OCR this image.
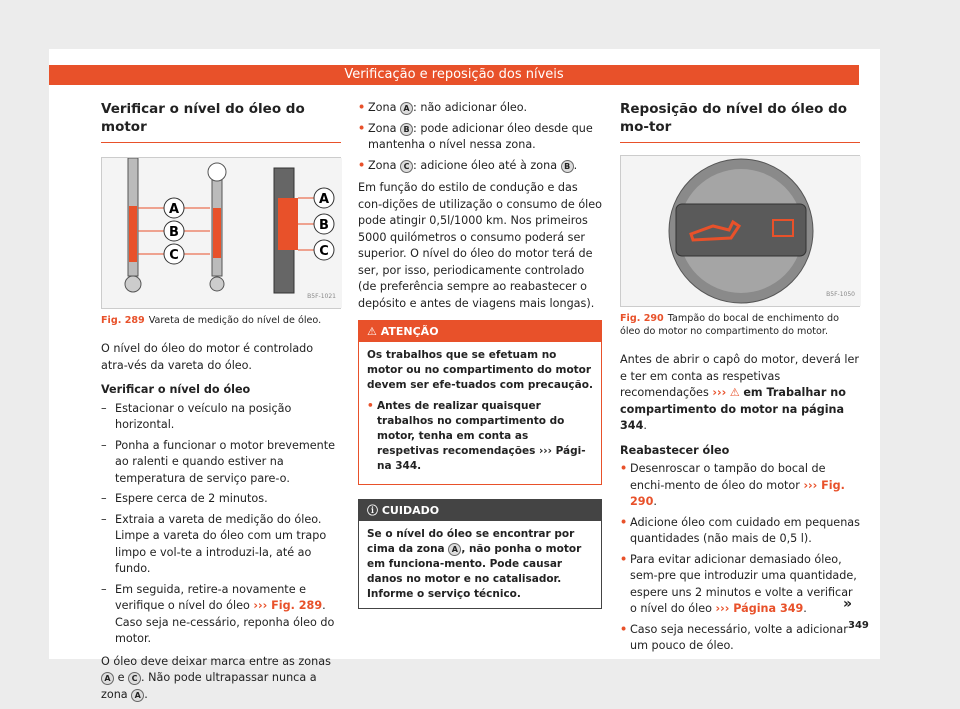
Verificação e reposição dos níveis
Verificar o nível do óleo do motor
A
B
C
A
B
C
B5F-1021
Fig. 289 Vareta de medição do nível de óleo.

O nível do óleo do motor é controlado atra-vés da vareta do óleo.

Verificar o nível do óleo
– Estacionar o veículo na posição horizontal.
– Ponha a funcionar o motor brevemente ao ralenti e quando estiver na temperatura de serviço pare-o.
– Espere cerca de 2 minutos.
– Extraia a vareta de medição do óleo. Limpe a vareta do óleo com um trapo limpo e vol-te a introduzi-la, até ao fundo.
– Em seguida, retire-a novamente e verifique o nível do óleo ››› Fig. 289. Caso seja ne-cessário, reponha óleo do motor.

O óleo deve deixar marca entre as zonas A e C . Não pode ultrapassar nunca a zona A .

• Zona A : não adicionar óleo.
• Zona B : pode adicionar óleo desde que mantenha o nível nessa zona.
• Zona C : adicione óleo até à zona B .

Em função do estilo de condução e das con-dições de utilização o consumo de óleo pode atingir 0,5l/1000 km. Nos primeiros 5000 quilómetros o consumo poderá ser superior. O nível do óleo do motor terá de ser, por isso, periodicamente controlado (de preferência sempre ao reabastecer o depósito e antes de viagens mais longas).

⚠ ATENÇÃO

Os trabalhos que se efetuam no motor ou no compartimento do motor devem ser efe-tuados com precaução.

• Antes de realizar quaisquer trabalhos no compartimento do motor, tenha em conta as respetivas recomendações ››› Pági-na 344.
ⓘ CUIDADO
Se o nível do óleo se encontrar por cima da zona A , não ponha o motor em funciona-mento. Pode causar danos no motor e no catalisador. Informe o serviço técnico.
Reposição do nível do óleo do mo-tor
B5F-1050
Fig. 290 Tampão do bocal de enchimento do óleo do motor no compartimento do motor.

Antes de abrir o capô do motor, deverá ler e ter em conta as respetivas recomendações ››› ⚠ em Trabalhar no compartimento do motor na página 344.

Reabastecer óleo
• Desenroscar o tampão do bocal de enchi-mento de óleo do motor ››› Fig. 290.
• Adicione óleo com cuidado em pequenas quantidades (não mais de 0,5 l).
• Para evitar adicionar demasiado óleo, sem-pre que introduzir uma quantidade, espere uns 2 minutos e volte a verificar o nível do óleo ››› Página 349.
• Caso seja necessário, volte a adicionar um pouco de óleo.
»
349
